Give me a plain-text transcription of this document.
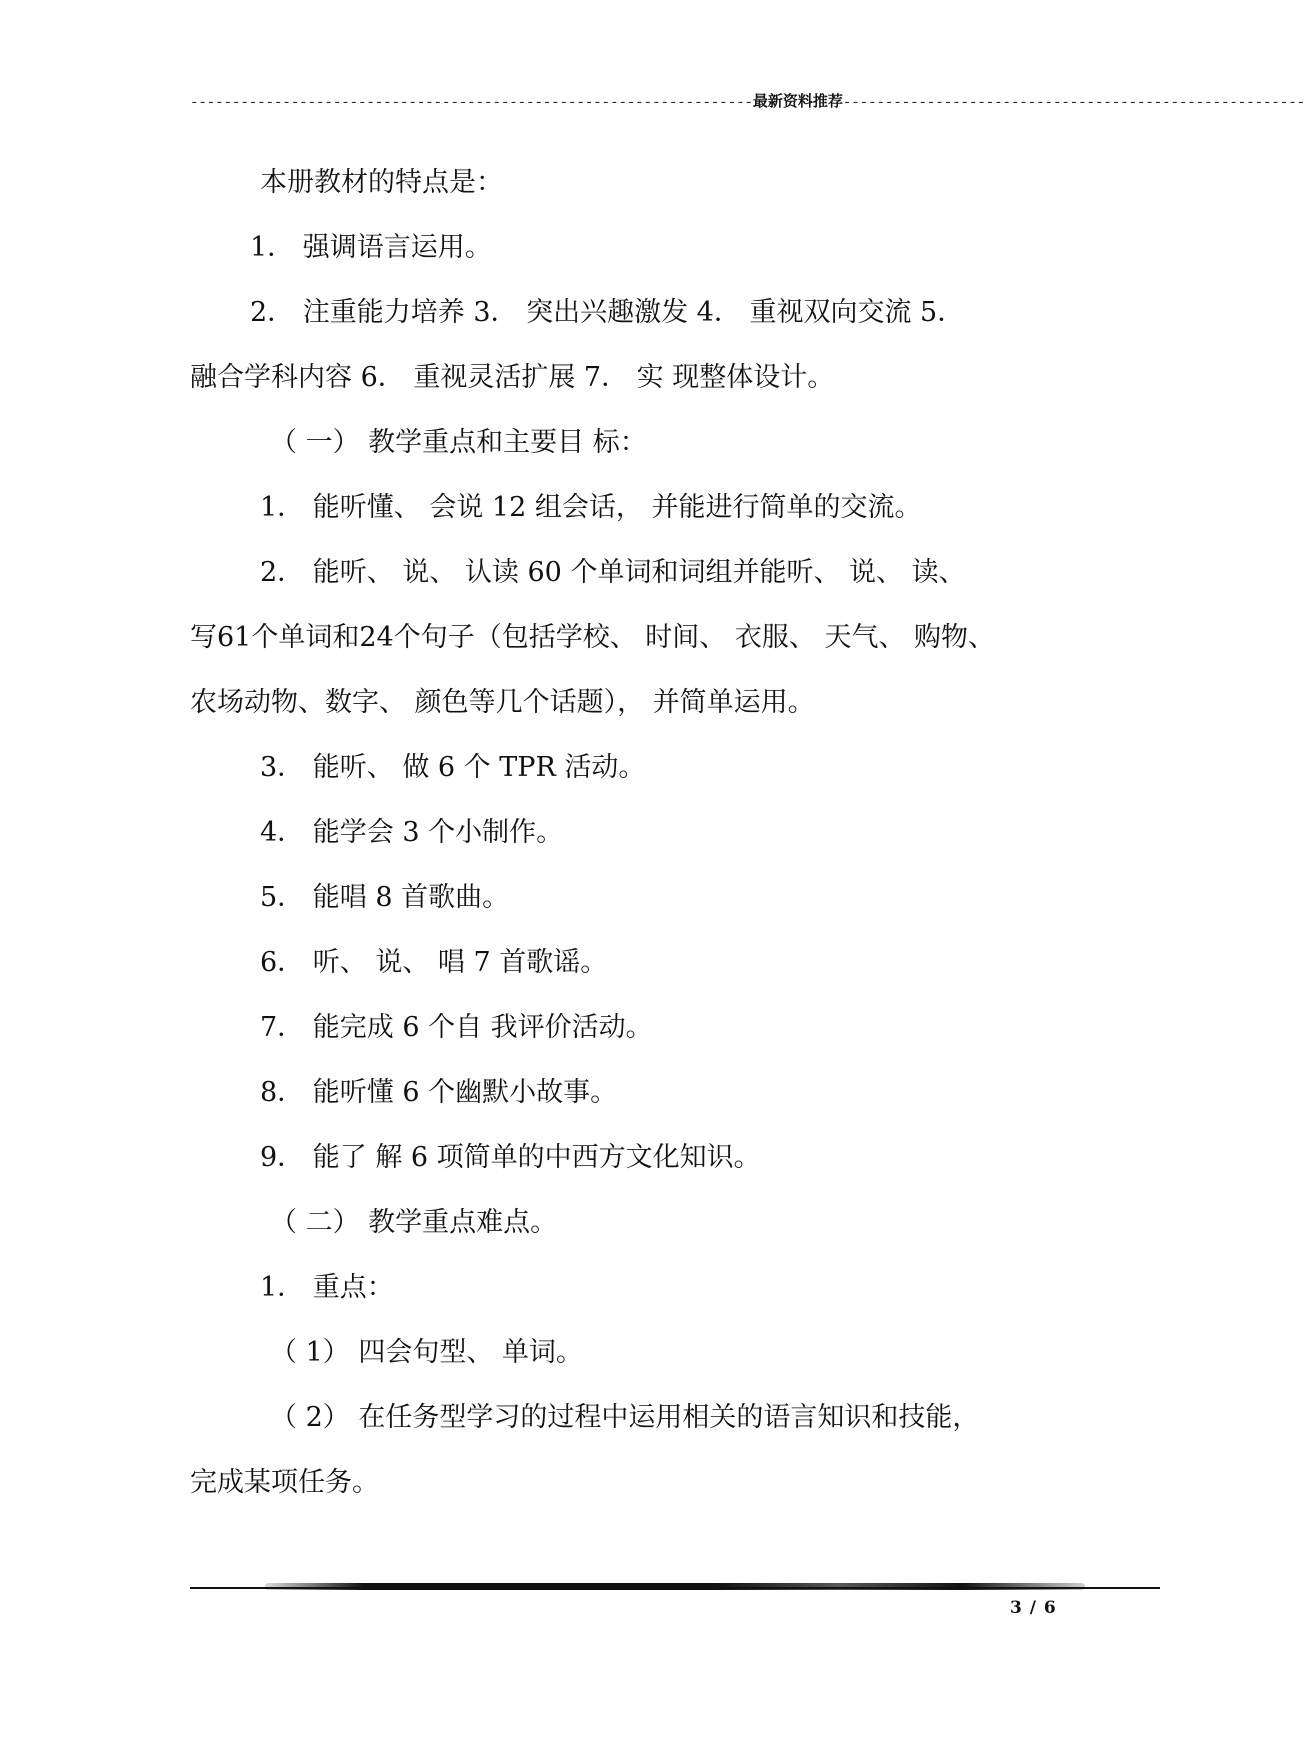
-------------------------------------------------------------------最新资料推荐-------------------------------------------------------
本册教材的特点是：
1． 强调语言运用。
2． 注重能力培养 3． 突出兴趣激发 4． 重视双向交流 5．
融合学科内容 6． 重视灵活扩展 7． 实 现整体设计。
（ 一） 教学重点和主要目 标：
1． 能听懂、 会说 12 组会话， 并能进行简单的交流。
2． 能听、 说、 认读 60 个单词和词组并能听、 说、 读、
写61个单词和24个句子（包括学校、 时间、 衣服、 天气、 购物、
农场动物、数字、 颜色等几个话题）， 并简单运用。
3． 能听、 做 6 个 TPR 活动。
4． 能学会 3 个小制作。
5． 能唱 8 首歌曲。
6． 听、 说、 唱 7 首歌谣。
7． 能完成 6 个自 我评价活动。
8． 能听懂 6 个幽默小故事。
9． 能了 解 6 项简单的中西方文化知识。
（ 二） 教学重点难点。
1． 重点：
（ 1） 四会句型、 单词。
（ 2） 在任务型学习的过程中运用相关的语言知识和技能，
完成某项任务。
3 / 6
